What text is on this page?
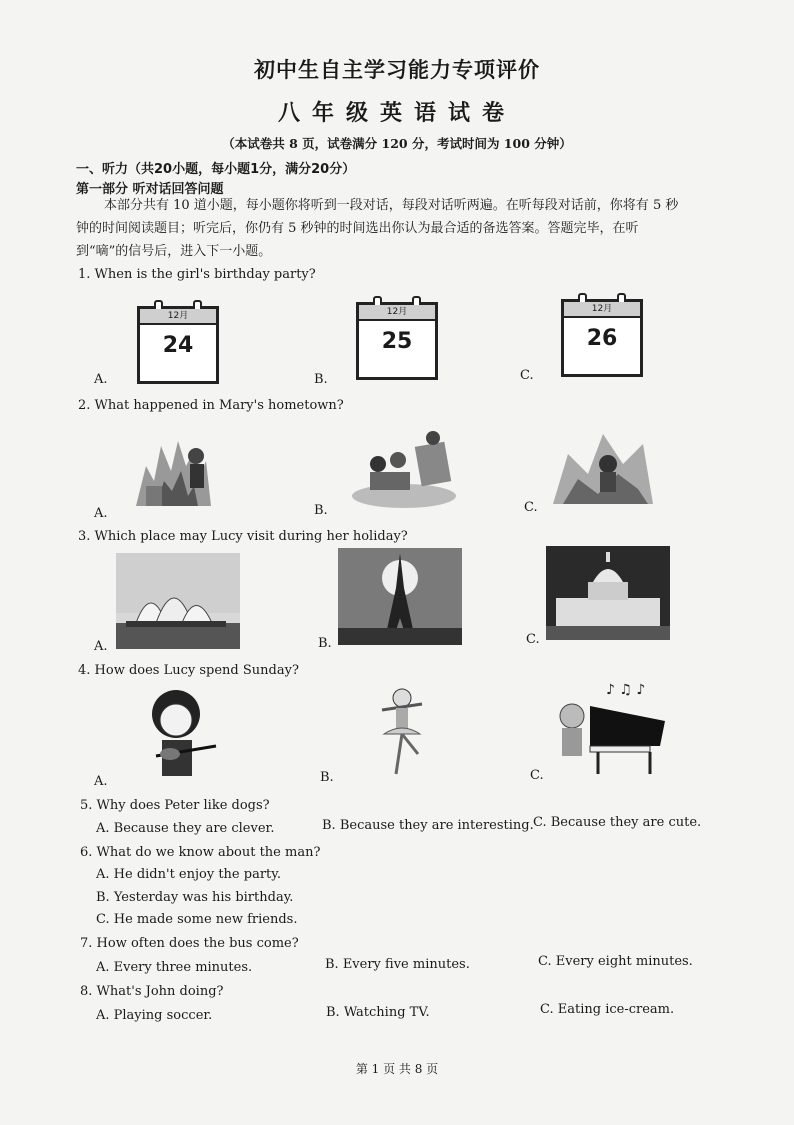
初中生自主学习能力专项评价
八年级英语试卷
（本试卷共 8 页，试卷满分 120 分，考试时间为 100 分钟）
一、听力（共20小题，每小题1分，满分20分）
第一部分 听对话回答问题
本部分共有 10 道小题，每小题你将听到一段对话，每段对话听两遍。在听每段对话前，你将有 5 秒钟的时间阅读题目；听完后，你仍有 5 秒钟的时间选出你认为最合适的备选答案。答题完毕，在听到“嘀”的信号后，进入下一小题。
1. When is the girl's birthday party?
12月
24
12月
25
12月
26
A.	B.	C.
2. What happened in Mary's hometown?
A.	B.	C.
3. Which place may Lucy visit during her holiday?
A.	B.	C.
4. How does Lucy spend Sunday?
♪ ♫ ♪
A.	B.	C.
5. Why does Peter like dogs?
A. Because they are clever.	B. Because they are interesting. C. Because they are cute.
6. What do we know about the man?
A. He didn't enjoy the party.
B. Yesterday was his birthday.
C. He made some new friends.
7. How often does the bus come?
A. Every three minutes.	B. Every five minutes.	C. Every eight minutes.
8. What's John doing?
A. Playing soccer.	B. Watching TV.	C. Eating ice-cream.
第 1 页 共 8 页
